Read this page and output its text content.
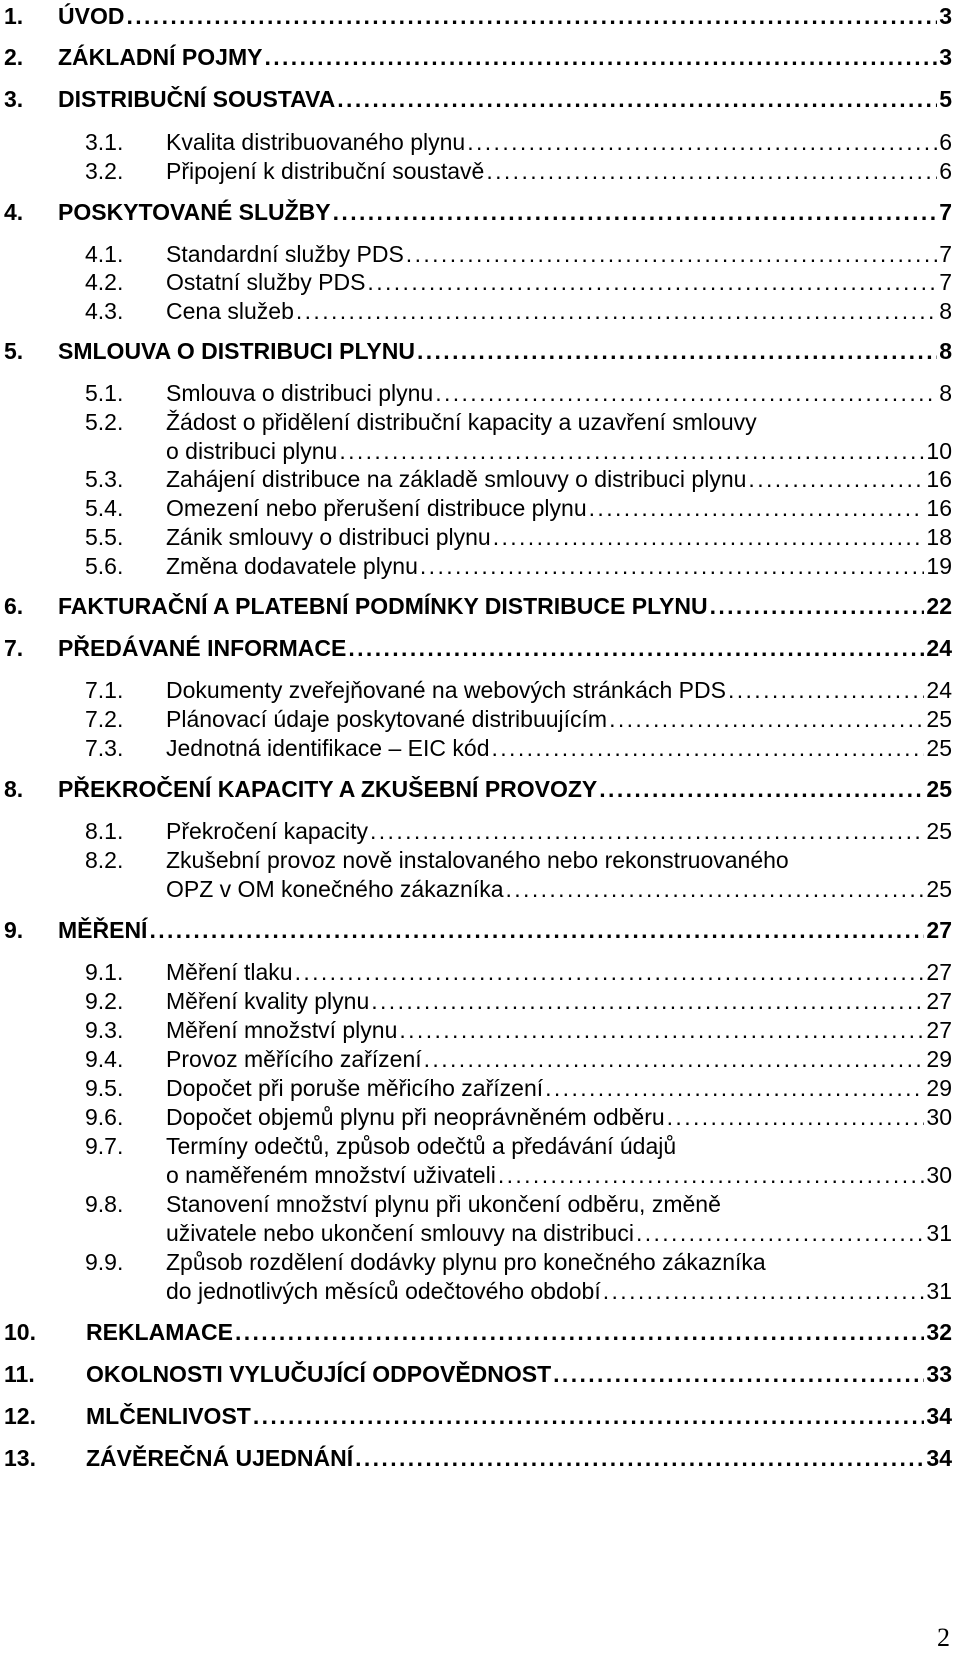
1. ÚVOD . . .	3
2. ZÁKLADNÍ POJMY . . .	3
3. DISTRIBUČNÍ SOUSTAVA . . .	5
3.1. Kvalita distribuovaného plynu . . .	6
3.2. Připojení k distribuční soustavě . . .	6
4. POSKYTOVANÉ SLUŽBY . . .	7
4.1. Standardní služby PDS . . .	7
4.2. Ostatní služby PDS . . .	7
4.3. Cena služeb . . .	8
5. SMLOUVA O DISTRIBUCI PLYNU . . .	8
5.1. Smlouva o distribuci plynu . . .	8
5.2. Žádost o přidělení distribuční kapacity a uzavření smlouvy
o distribuci plynu . . .	10
5.3. Zahájení distribuce na základě smlouvy o distribuci plynu . . .	16
5.4. Omezení nebo přerušení distribuce plynu . . .	16
5.5. Zánik smlouvy o distribuci plynu . . .	18
5.6. Změna dodavatele plynu . . .	19
6. FAKTURAČNÍ A PLATEBNÍ PODMÍNKY DISTRIBUCE PLYNU . . .	22
7. PŘEDÁVANÉ INFORMACE . . .	24
7.1. Dokumenty zveřejňované na webových stránkách PDS . . .	24
7.2. Plánovací údaje poskytované distribuujícím . . .	25
7.3. Jednotná identifikace – EIC kód . . .	25
8. PŘEKROČENÍ KAPACITY A ZKUŠEBNÍ PROVOZY . . .	25
8.1. Překročení kapacity . . .	25
8.2. Zkušební provoz nově instalovaného nebo rekonstruovaného
OPZ v OM konečného zákazníka . . .	25
9. MĚŘENÍ . . .	27
9.1. Měření tlaku . . .	27
9.2. Měření kvality plynu . . .	27
9.3. Měření množství plynu . . .	27
9.4. Provoz měřícího zařízení . . .	29
9.5. Dopočet při poruše měřicího zařízení . . .	29
9.6. Dopočet objemů plynu při neoprávněném odběru . . .	30
9.7. Termíny odečtů, způsob odečtů a předávání údajů
o naměřeném množství uživateli . . .	30
9.8. Stanovení množství plynu při ukončení odběru, změně
uživatele nebo ukončení smlouvy na distribuci . . .	31
9.9. Způsob rozdělení dodávky plynu pro konečného zákazníka
do jednotlivých měsíců odečtového období . . .	31
10. REKLAMACE . . .	32
11. OKOLNOSTI VYLUČUJÍCÍ ODPOVĚDNOST . . .	33
12. MLČENLIVOST . . .	34
13. ZÁVĚREČNÁ UJEDNÁNÍ . . .	34
2
